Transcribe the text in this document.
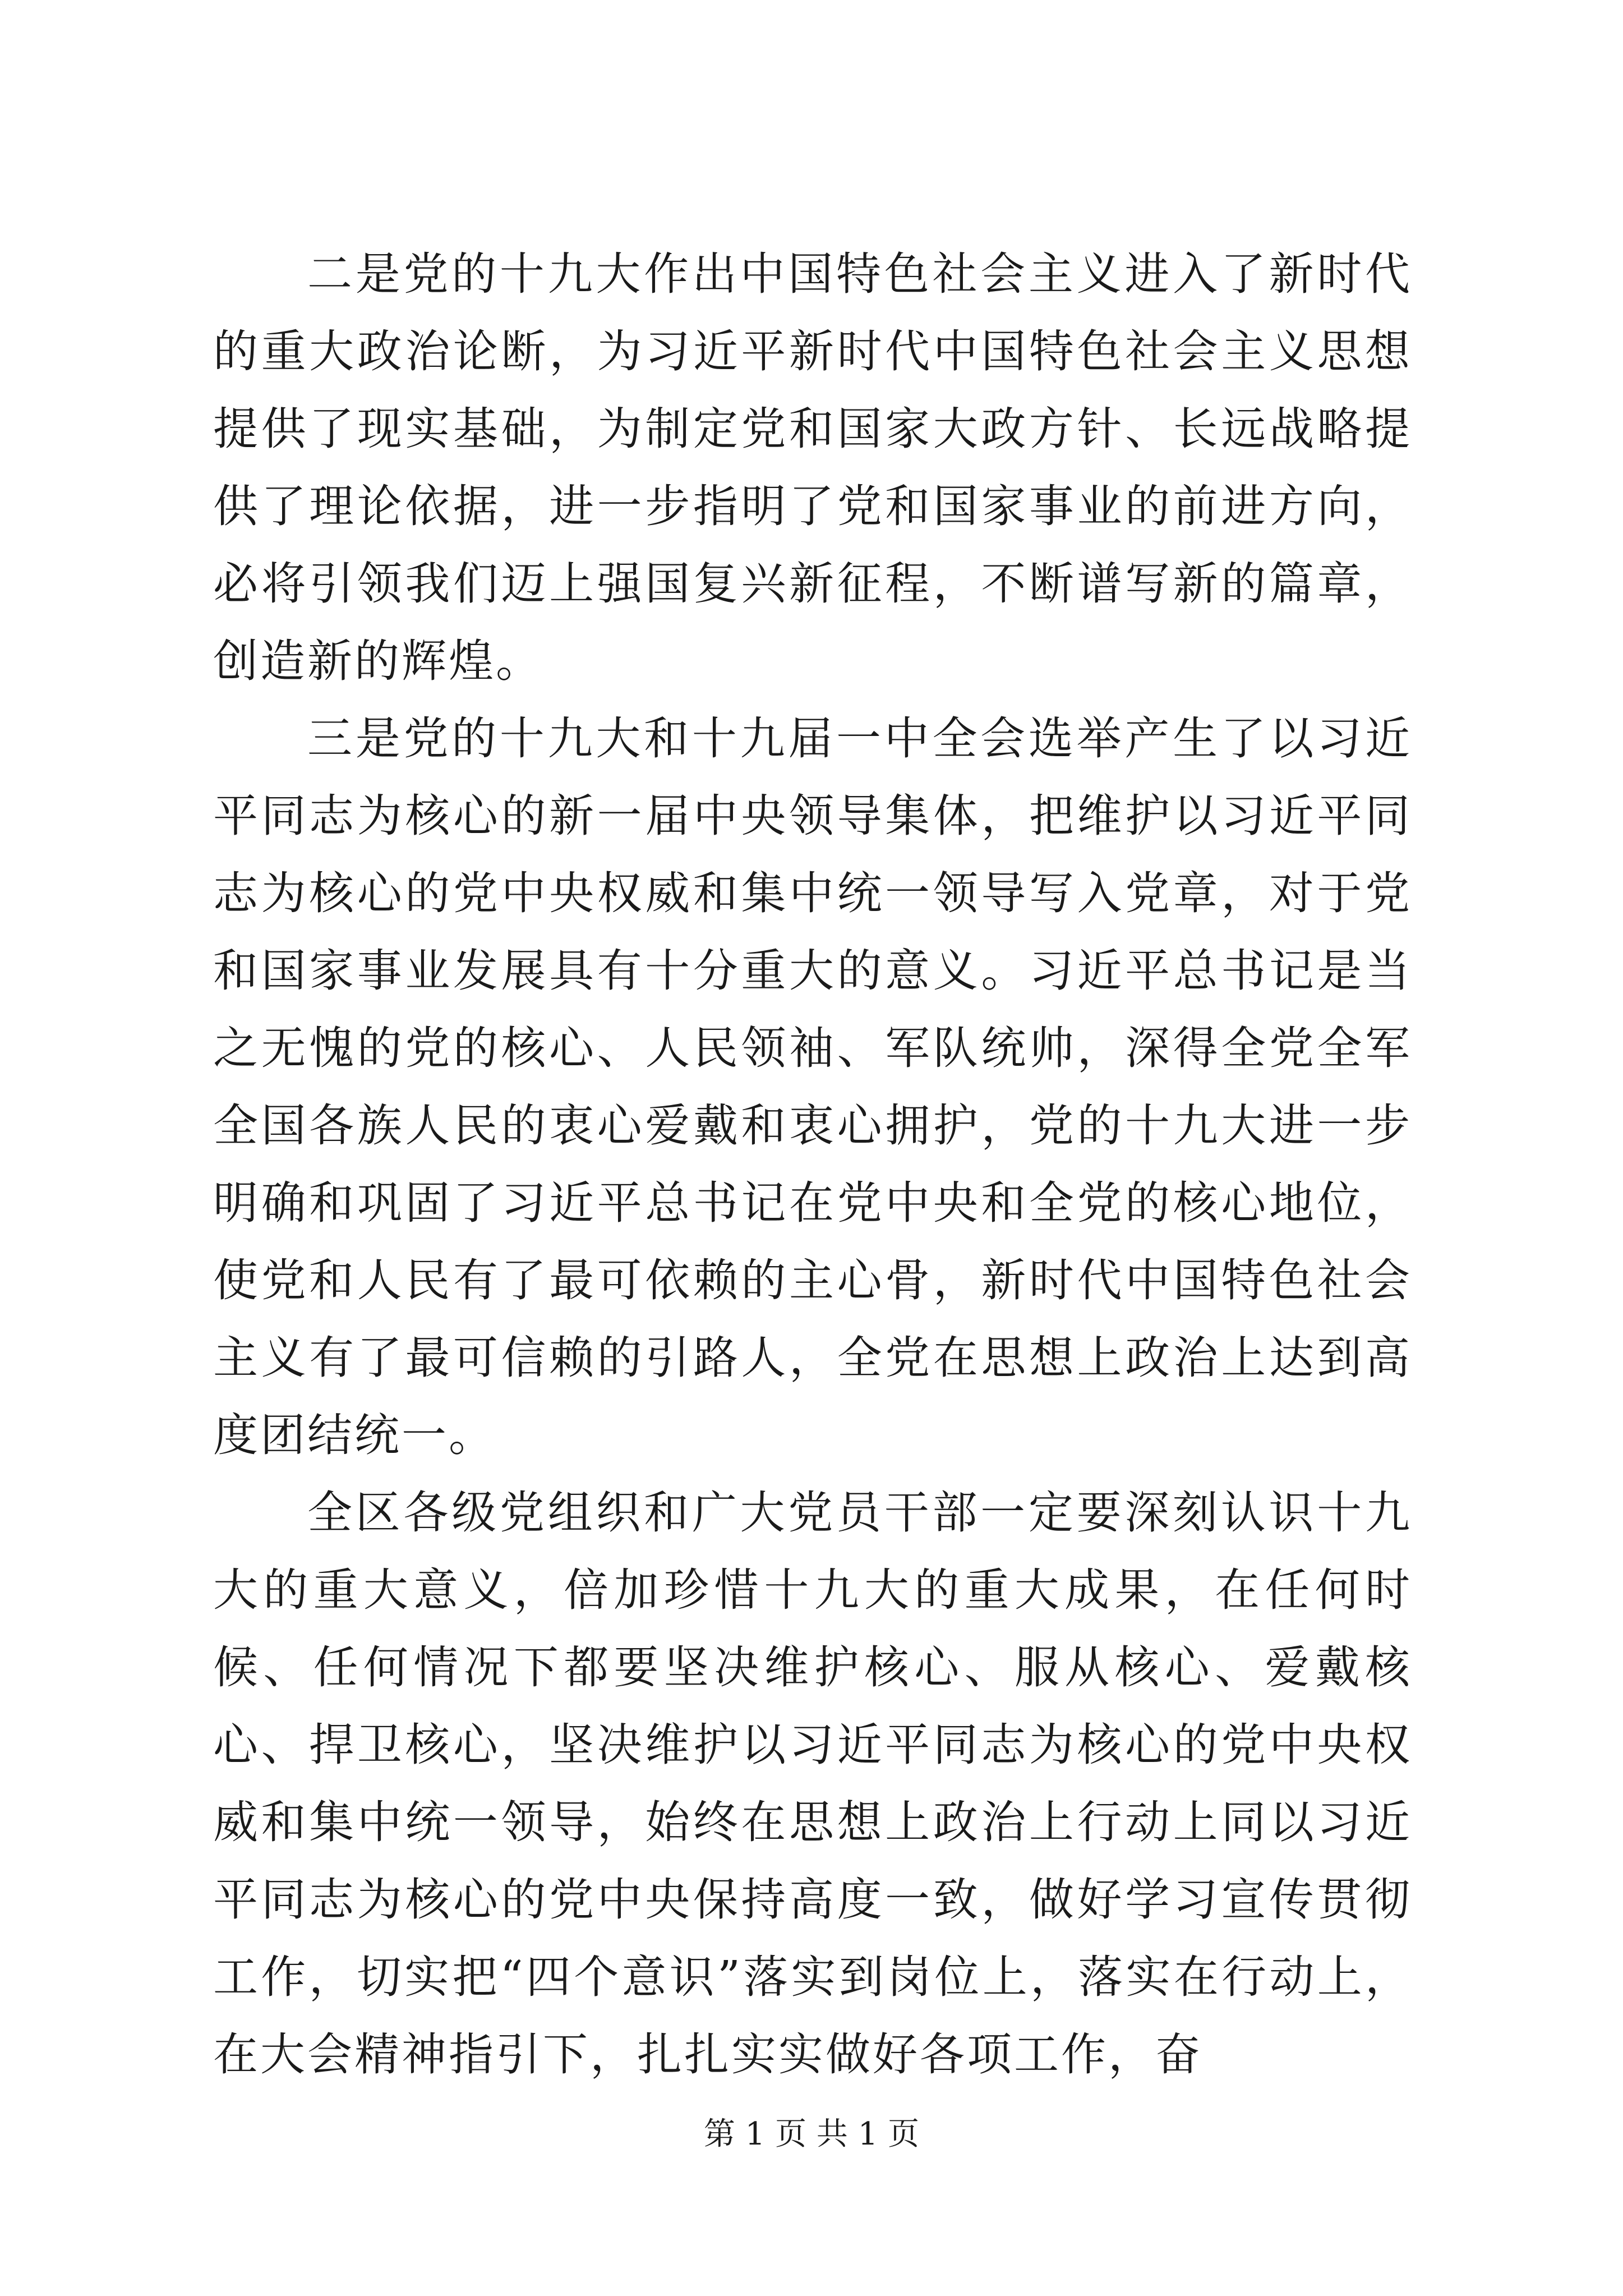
二是党的十九大作出中国特色社会主义进入了新时代的重大政治论断，为习近平新时代中国特色社会主义思想提供了现实基础，为制定党和国家大政方针、长远战略提供了理论依据，进一步指明了党和国家事业的前进方向，必将引领我们迈上强国复兴新征程，不断谱写新的篇章，创造新的辉煌。

三是党的十九大和十九届一中全会选举产生了以习近平同志为核心的新一届中央领导集体，把维护以习近平同志为核心的党中央权威和集中统一领导写入党章，对于党和国家事业发展具有十分重大的意义。习近平总书记是当之无愧的党的核心、人民领袖、军队统帅，深得全党全军全国各族人民的衷心爱戴和衷心拥护，党的十九大进一步明确和巩固了习近平总书记在党中央和全党的核心地位，使党和人民有了最可依赖的主心骨，新时代中国特色社会主义有了最可信赖的引路人，全党在思想上政治上达到高度团结统一。

全区各级党组织和广大党员干部一定要深刻认识十九大的重大意义，倍加珍惜十九大的重大成果，在任何时候、任何情况下都要坚决维护核心、服从核心、爱戴核心、捍卫核心，坚决维护以习近平同志为核心的党中央权威和集中统一领导，始终在思想上政治上行动上同以习近平同志为核心的党中央保持高度一致，做好学习宣传贯彻工作，切实把“四个意识”落实到岗位上，落实在行动上，在大会精神指引下，扎扎实实做好各项工作，奋

第 1 页 共 1 页
